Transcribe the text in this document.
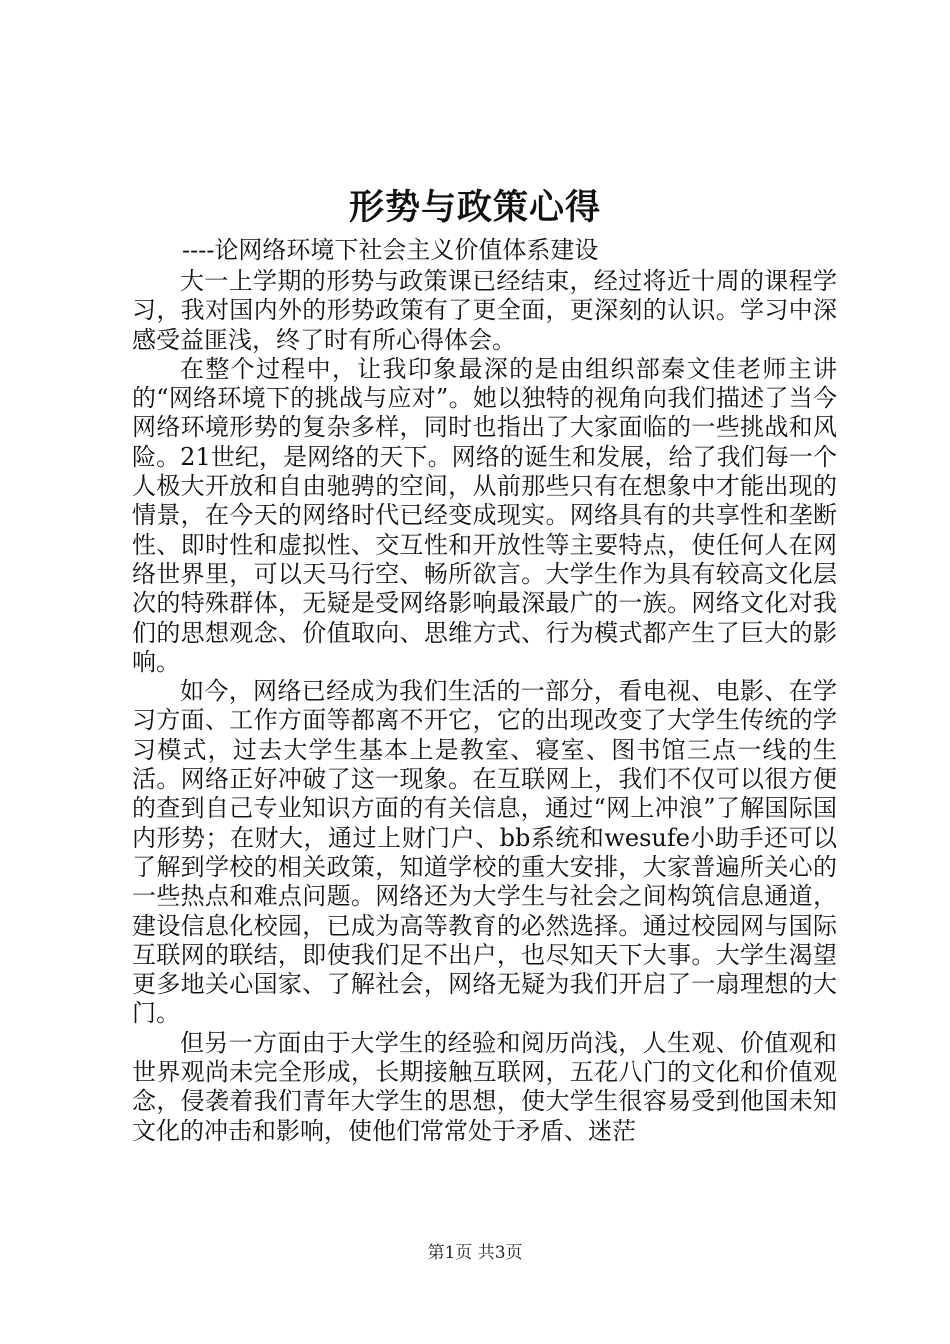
形势与政策心得

----论网络环境下社会主义价值体系建设

大一上学期的形势与政策课已经结束，经过将近十周的课程学习，我对国内外的形势政策有了更全面，更深刻的认识。学习中深感受益匪浅，终了时有所心得体会。

在整个过程中，让我印象最深的是由组织部秦文佳老师主讲的“网络环境下的挑战与应对”。她以独特的视角向我们描述了当今网络环境形势的复杂多样，同时也指出了大家面临的一些挑战和风险。21世纪，是网络的天下。网络的诞生和发展，给了我们每一个人极大开放和自由驰骋的空间，从前那些只有在想象中才能出现的情景，在今天的网络时代已经变成现实。网络具有的共享性和垄断性、即时性和虚拟性、交互性和开放性等主要特点，使任何人在网络世界里，可以天马行空、畅所欲言。大学生作为具有较高文化层次的特殊群体，无疑是受网络影响最深最广的一族。网络文化对我们的思想观念、价值取向、思维方式、行为模式都产生了巨大的影响。

如今，网络已经成为我们生活的一部分，看电视、电影、在学习方面、工作方面等都离不开它，它的出现改变了大学生传统的学习模式，过去大学生基本上是教室、寝室、图书馆三点一线的生活。网络正好冲破了这一现象。在互联网上，我们不仅可以很方便的查到自己专业知识方面的有关信息，通过“网上冲浪”了解国际国内形势；在财大，通过上财门户、bb系统和wesufe小助手还可以了解到学校的相关政策，知道学校的重大安排，大家普遍所关心的一些热点和难点问题。网络还为大学生与社会之间构筑信息通道，建设信息化校园，已成为高等教育的必然选择。通过校园网与国际互联网的联结，即使我们足不出户，也尽知天下大事。大学生渴望更多地关心国家、了解社会，网络无疑为我们开启了一扇理想的大门。

但另一方面由于大学生的经验和阅历尚浅，人生观、价值观和世界观尚未完全形成，长期接触互联网，五花八门的文化和价值观念，侵袭着我们青年大学生的思想，使大学生很容易受到他国未知文化的冲击和影响，使他们常常处于矛盾、迷茫

第1页 共3页
